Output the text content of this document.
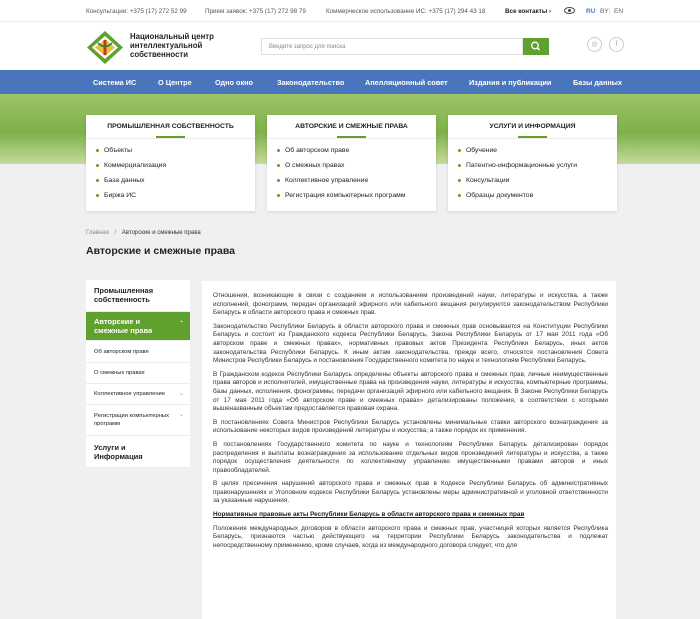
Консультации: +375 (17) 272 52 99	Прием заявок: +375 (17) 272 98 79	Коммерческое использование ИС: +375 (17) 294 43 18	Все контакты ›	RU BY | EN
Национальный центр интеллектуальной собственности
Введите запрос для поиска	◎	f
Система ИС	О Центре	Одно окно	Законодательство	Апелляционный совет	Издания и публикации	Базы данных
ПРОМЫШЛЕННАЯ СОБСТВЕННОСТЬ
Объекты
Коммерциализация
База данных
Биржа ИС
АВТОРСКИЕ И СМЕЖНЫЕ ПРАВА
Об авторском праве
О смежных правах
Коллективное управление
Регистрация компьютерных программ
УСЛУГИ И ИНФОРМАЦИЯ
Обучение
Патентно-информационные услуги
Консультации
Образцы документов
Главная / Авторские и смежные права
Авторские и смежные права
Промышленная собственность
Авторские и смежные права
⌃
Об авторском праве
О смежных правах
Коллективное управление ⌄
Регистрация компьютерных программ
⌄
Услуги и Информация

Отношения, возникающие в связи с созданием и использованием произведений науки, литературы и искусства, а также исполнений, фонограмм, передач организаций эфирного или кабельного вещания регулируются законодательством Республики Беларусь в области авторского права и смежных прав.

Законодательство Республики Беларусь в области авторского права и смежных прав основывается на Конституции Республики Беларусь и состоит из Гражданского кодекса Республики Беларусь, Закона Республики Беларусь от 17 мая 2011 года «Об авторском праве и смежных правах», нормативных правовых актов Президента Республики Беларусь, иных актов законодательства Республики Беларусь. К иным актам законодательства, прежде всего, относятся постановления Совета Министров Республики Беларусь и постановления Государственного комитета по науке и технологиям Республики Беларусь.

В Гражданском кодексе Республики Беларусь определены объекты авторского права и смежных прав, личные неимущественные права авторов и исполнителей, имущественные права на произведения науки, литературы и искусства, компьютерные программы, базы данных, исполнения, фонограммы, передачи организаций эфирного или кабельного вещания. В Законе Республики Беларусь от 17 мая 2011 года «Об авторском праве и смежных правах» детализированы положения, в соответствии с которыми вышеназванным объектам предоставляется правовая охрана.

В постановлениях Совета Министров Республики Беларусь установлены минимальные ставки авторского вознаграждения за использование некоторых видов произведений литературы и искусства, а также порядок их применения.

В постановлениях Государственного комитета по науке и технологиям Республики Беларусь детализирован порядок распределения и выплаты вознаграждения за использование отдельных видов произведений литературы и искусства, а также порядок осуществления деятельности по коллективному управлению имущественными правами авторов и иных правообладателей.

В целях пресечения нарушений авторского права и смежных прав в Кодексе Республики Беларусь об административных правонарушениях и Уголовном кодексе Республики Беларусь установлены меры административной и уголовной ответственности за указанные нарушения.

Нормативные правовые акты Республики Беларусь в области авторского права и смежных прав

Положения международных договоров в области авторского права и смежных прав, участницей которых является Республика Беларусь, признаются частью действующего на территории Республики Беларусь законодательства и подлежат непосредственному применению, кроме случаев, когда из международного договора следует, что для
